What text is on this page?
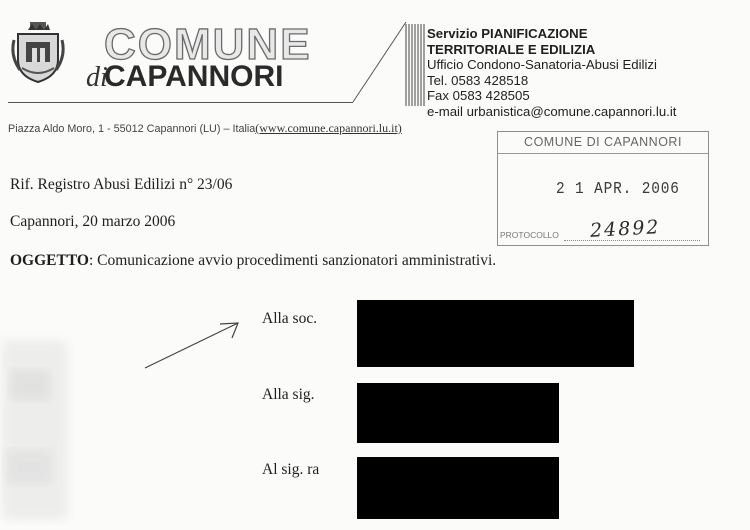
COMUNE
di
CAPANNORI
Servizio PIANIFICAZIONE
TERRITORIALE E EDILIZIA
Ufficio Condono-Sanatoria-Abusi Edilizi
Tel. 0583 428518
Fax 0583 428505
e-mail urbanistica@comune.capannori.lu.it
Piazza Aldo Moro, 1 - 55012 Capannori (LU) – Italia(www.comune.capannori.lu.it)
COMUNE DI CAPANNORI
2 1 APR. 2006
PROTOCOLLO 24892
Rif. Registro Abusi Edilizi n° 23/06
Capannori, 20 marzo 2006
OGGETTO: Comunicazione avvio procedimenti sanzionatori amministrativi.
Alla soc.
Alla sig.
Al sig. ra
